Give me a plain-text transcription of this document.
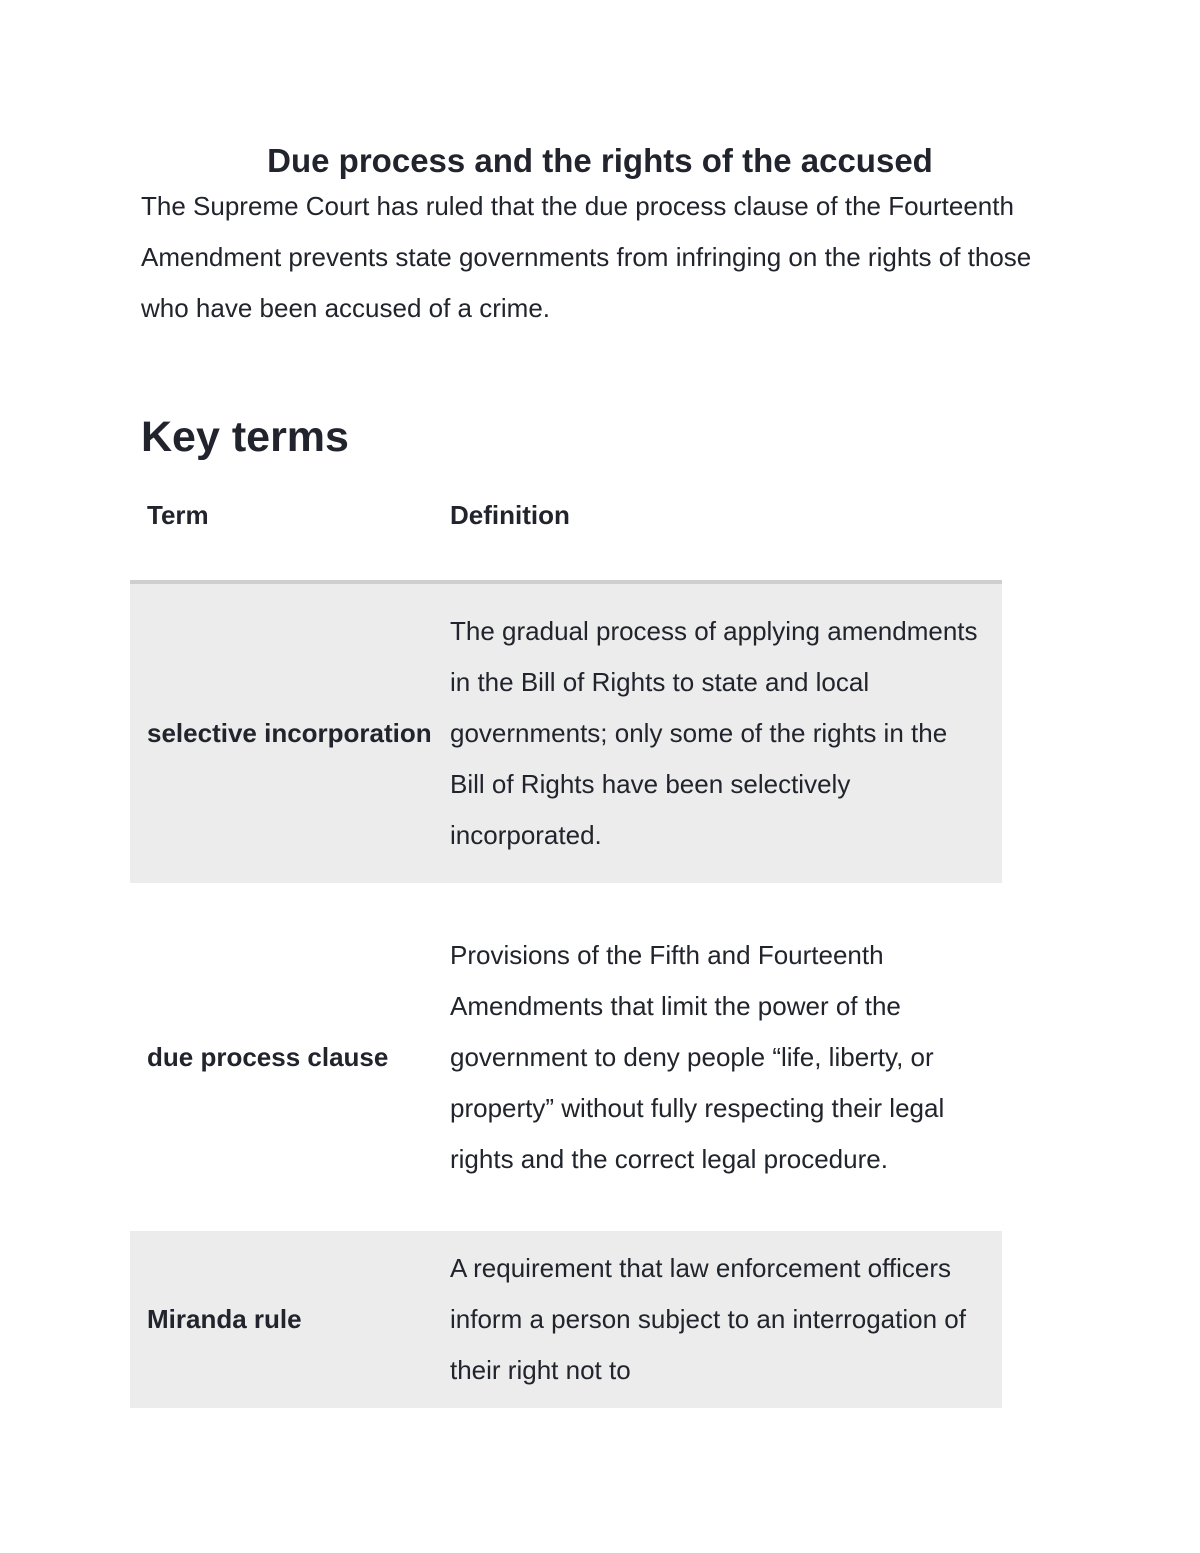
Due process and the rights of the accused

The Supreme Court has ruled that the due process clause of the Fourteenth Amendment prevents state governments from infringing on the rights of those who have been accused of a crime.

Key terms
Term	Definition
selective incorporation	The gradual process of applying amendments in the Bill of Rights to state and local governments; only some of the rights in the Bill of Rights have been selectively incorporated.
due process clause	Provisions of the Fifth and Fourteenth Amendments that limit the power of the government to deny people “life, liberty, or property” without fully respecting their legal rights and the correct legal procedure.
Miranda rule	A requirement that law enforcement officers inform a person subject to an interrogation of their right not to
